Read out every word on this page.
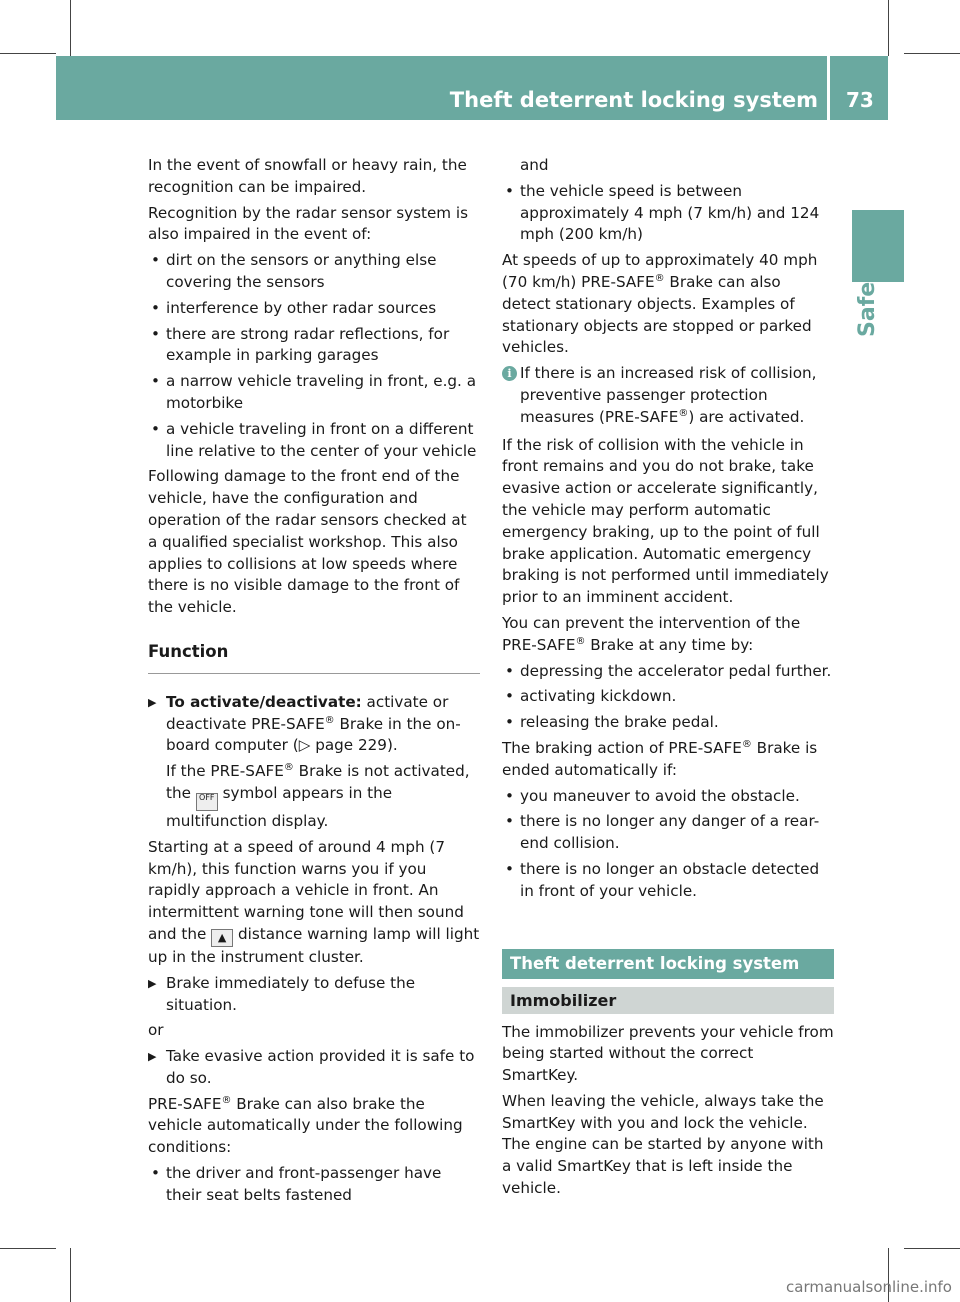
Theft deterrent locking system 73
Safety

In the event of snowfall or heavy rain, the recognition can be impaired.

Recognition by the radar sensor system is also impaired in the event of:

• dirt on the sensors or anything else covering the sensors
• interference by other radar sources
• there are strong radar reflections, for example in parking garages
• a narrow vehicle traveling in front, e.g. a motorbike
• a vehicle traveling in front on a different line relative to the center of your vehicle

Following damage to the front end of the vehicle, have the configuration and operation of the radar sensors checked at a qualified specialist workshop. This also applies to collisions at low speeds where there is no visible damage to the front of the vehicle.

Function
▶ To activate/deactivate: activate or deactivate PRE-SAFE® Brake in the on-board computer (▷ page 229).
If the PRE-SAFE® Brake is not activated, the OFF symbol appears in the multifunction display.

Starting at a speed of around 4 mph (7 km/h), this function warns you if you rapidly approach a vehicle in front. An intermittent warning tone will then sound and the ▲ distance warning lamp will light up in the instrument cluster.

▶ Brake immediately to defuse the situation.

or

▶ Take evasive action provided it is safe to do so.

PRE-SAFE® Brake can also brake the vehicle automatically under the following conditions:

• the driver and front-passenger have their seat belts fastened
and
• the vehicle speed is between approximately 4 mph (7 km/h) and 124 mph (200 km/h)

At speeds of up to approximately 40 mph (70 km/h) PRE-SAFE® Brake can also detect stationary objects. Examples of stationary objects are stopped or parked vehicles.

i If there is an increased risk of collision, preventive passenger protection measures (PRE-SAFE®) are activated.

If the risk of collision with the vehicle in front remains and you do not brake, take evasive action or accelerate significantly, the vehicle may perform automatic emergency braking, up to the point of full brake application. Automatic emergency braking is not performed until immediately prior to an imminent accident.

You can prevent the intervention of the PRE-SAFE® Brake at any time by:

• depressing the accelerator pedal further.
• activating kickdown.
• releasing the brake pedal.

The braking action of PRE-SAFE® Brake is ended automatically if:

• you maneuver to avoid the obstacle.
• there is no longer any danger of a rear-end collision.
• there is no longer an obstacle detected in front of your vehicle.
Theft deterrent locking system
Immobilizer

The immobilizer prevents your vehicle from being started without the correct SmartKey.

When leaving the vehicle, always take the SmartKey with you and lock the vehicle. The engine can be started by anyone with a valid SmartKey that is left inside the vehicle.

carmanualsonline.info
